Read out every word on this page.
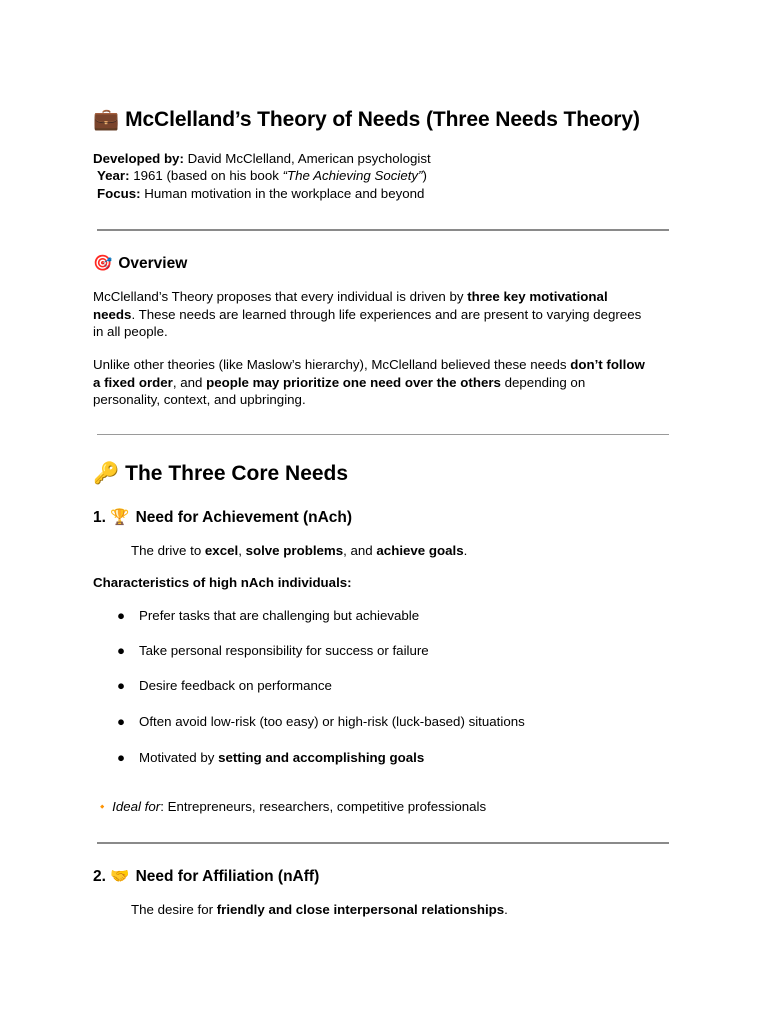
💼 McClelland’s Theory of Needs (Three Needs Theory)
Developed by: David McClelland, American psychologist
Year: 1961 (based on his book “The Achieving Society”)
Focus: Human motivation in the workplace and beyond
🎯 Overview
McClelland’s Theory proposes that every individual is driven by three key motivational needs. These needs are learned through life experiences and are present to varying degrees in all people.
Unlike other theories (like Maslow’s hierarchy), McClelland believed these needs don’t follow a fixed order, and people may prioritize one need over the others depending on personality, context, and upbringing.
🔑 The Three Core Needs
1. 🏆 Need for Achievement (nAch)
The drive to excel, solve problems, and achieve goals.
Characteristics of high nAch individuals:
● Prefer tasks that are challenging but achievable
● Take personal responsibility for success or failure
● Desire feedback on performance
● Often avoid low-risk (too easy) or high-risk (luck-based) situations
● Motivated by setting and accomplishing goals
🔸 Ideal for: Entrepreneurs, researchers, competitive professionals
2. 🤝 Need for Affiliation (nAff)
The desire for friendly and close interpersonal relationships.
